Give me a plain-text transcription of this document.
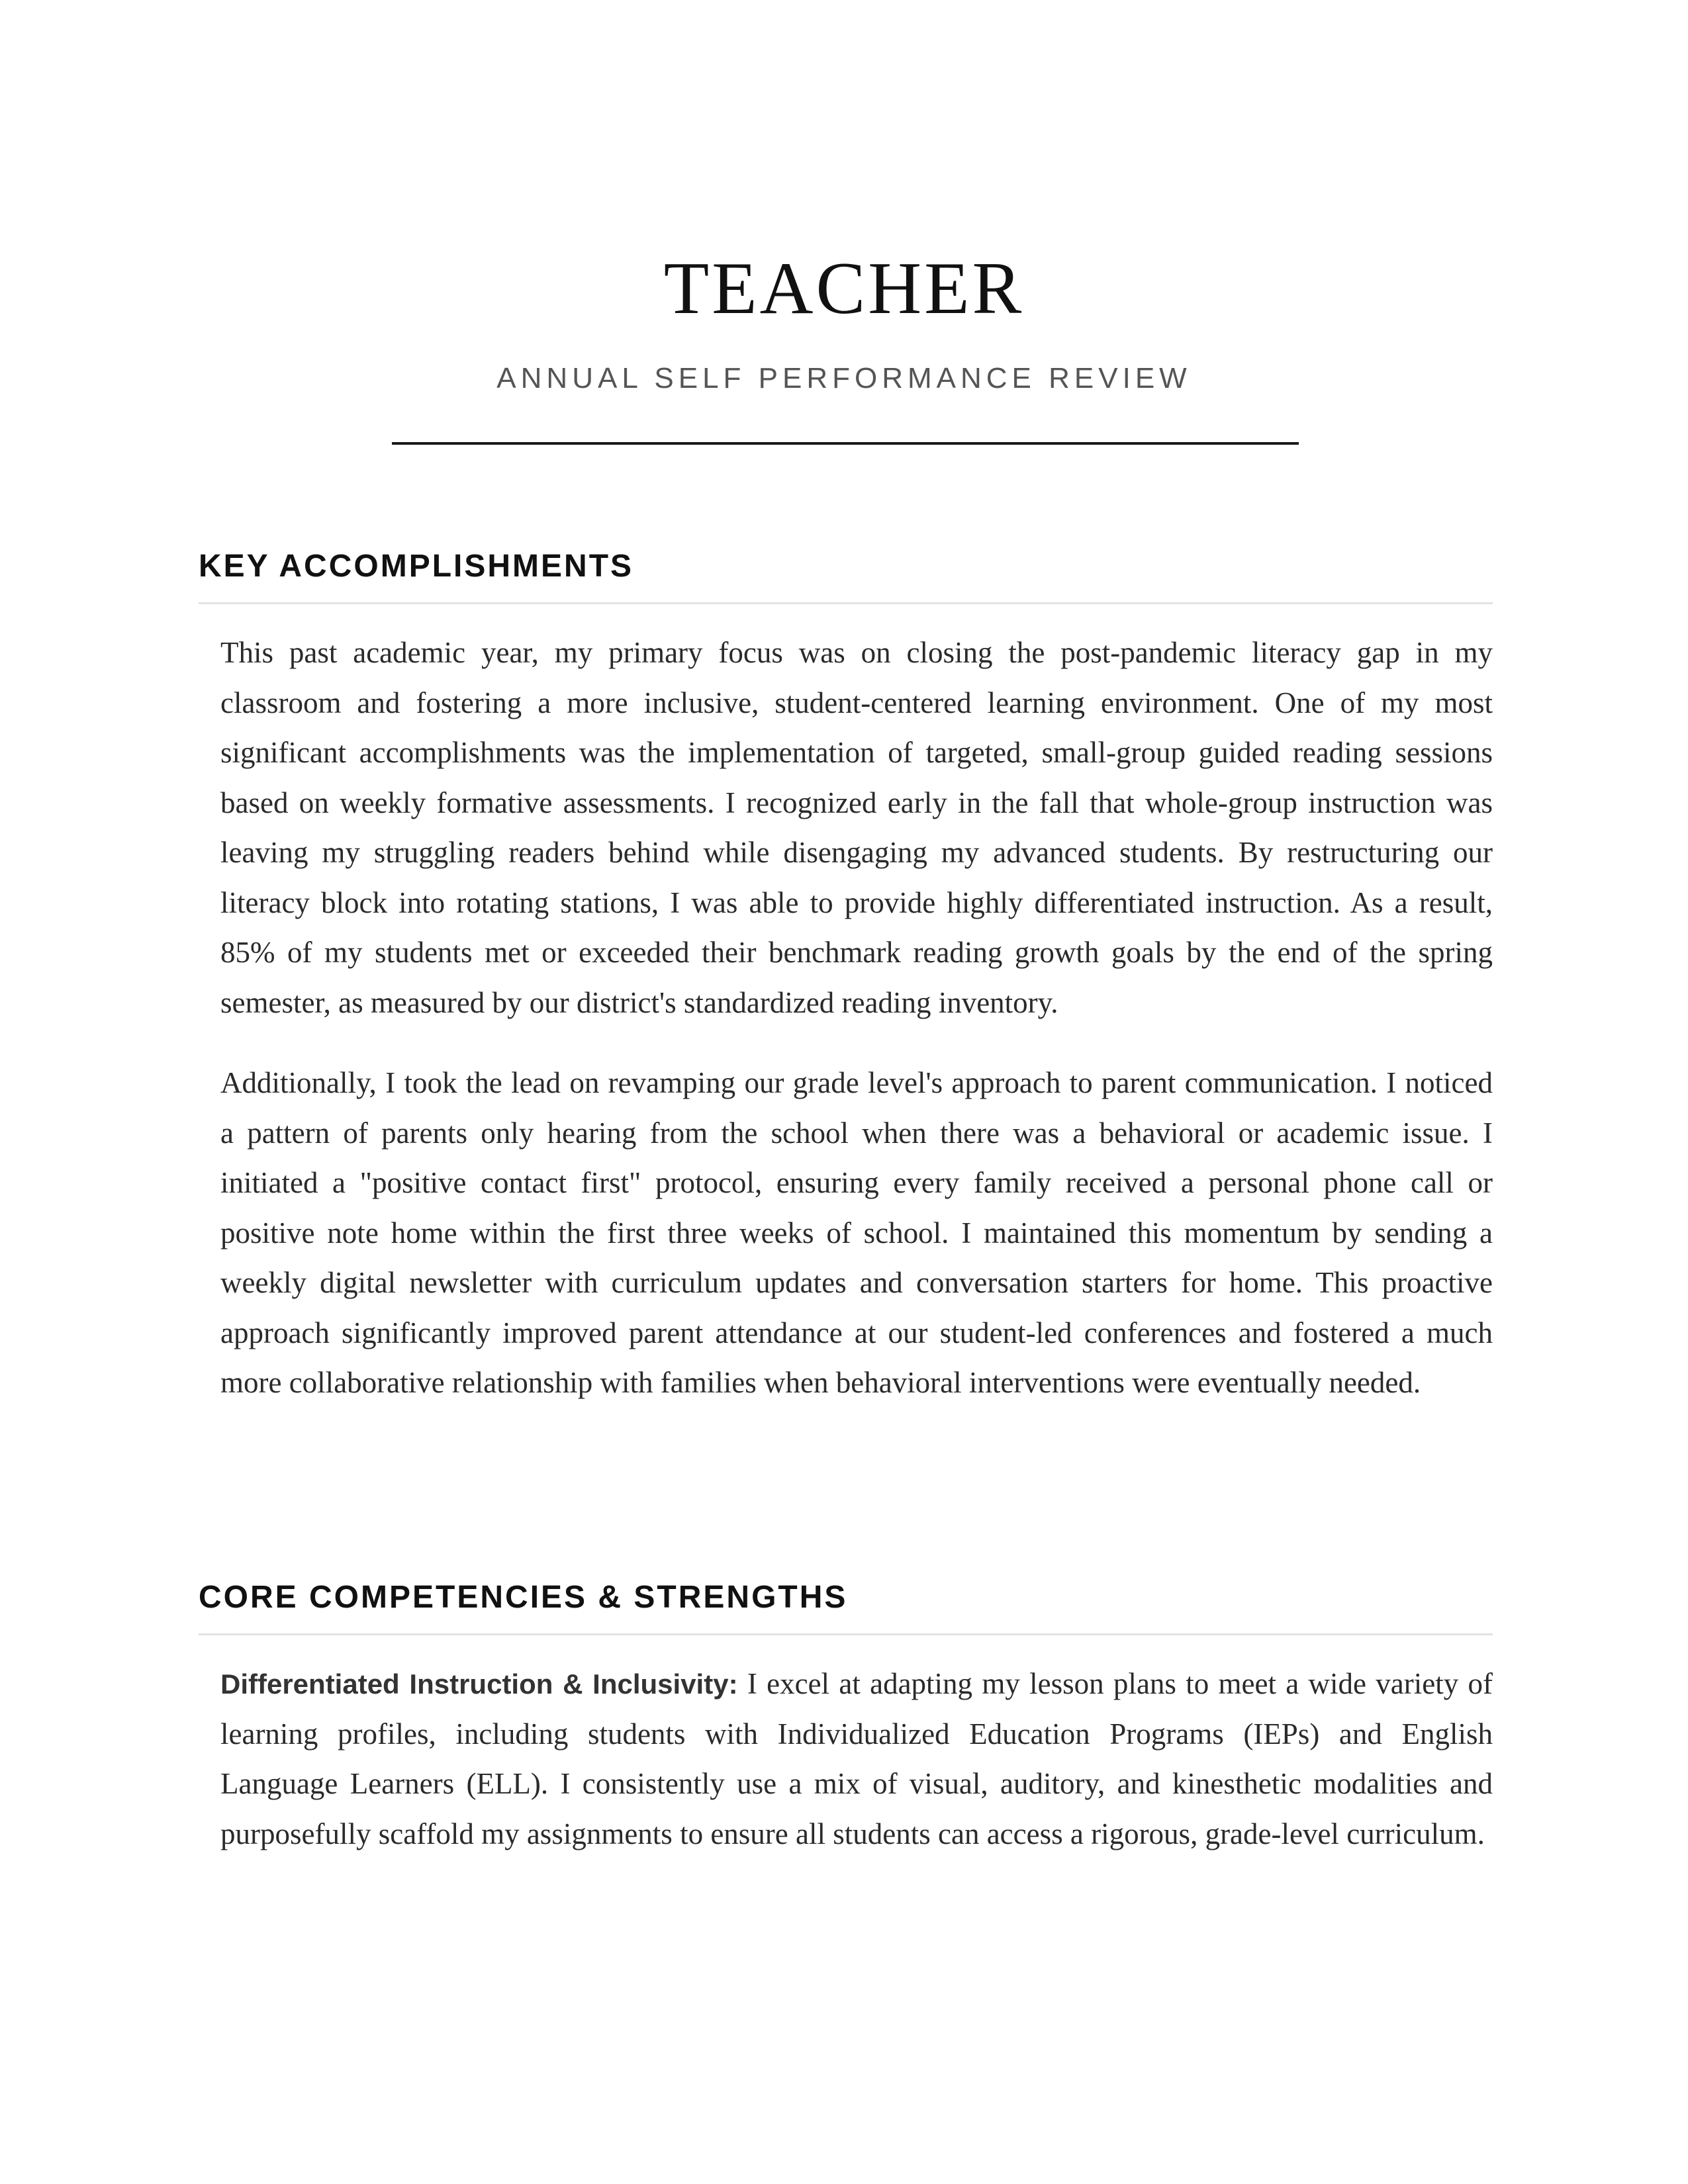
TEACHER
ANNUAL SELF PERFORMANCE REVIEW
KEY ACCOMPLISHMENTS

This past academic year, my primary focus was on closing the post-pandemic literacy gap in my classroom and fostering a more inclusive, student-centered learning environment. One of my most significant accomplishments was the implementation of targeted, small-group guided reading sessions based on weekly formative assessments. I recognized early in the fall that whole-group instruction was leaving my struggling readers behind while disengaging my advanced students. By restructuring our literacy block into rotating stations, I was able to provide highly differentiated instruction. As a result, 85% of my students met or exceeded their benchmark reading growth goals by the end of the spring semester, as measured by our district's standardized reading inventory.

Additionally, I took the lead on revamping our grade level's approach to parent communication. I noticed a pattern of parents only hearing from the school when there was a behavioral or academic issue. I initiated a "positive contact first" protocol, ensuring every family received a personal phone call or positive note home within the first three weeks of school. I maintained this momentum by sending a weekly digital newsletter with curriculum updates and conversation starters for home. This proactive approach significantly improved parent attendance at our student-led conferences and fostered a much more collaborative relationship with families when behavioral interventions were eventually needed.

CORE COMPETENCIES & STRENGTHS

Differentiated Instruction & Inclusivity: I excel at adapting my lesson plans to meet a wide variety of learning profiles, including students with Individualized Education Programs (IEPs) and English Language Learners (ELL). I consistently use a mix of visual, auditory, and kinesthetic modalities and purposefully scaffold my assignments to ensure all students can access a rigorous, grade-level curriculum.
